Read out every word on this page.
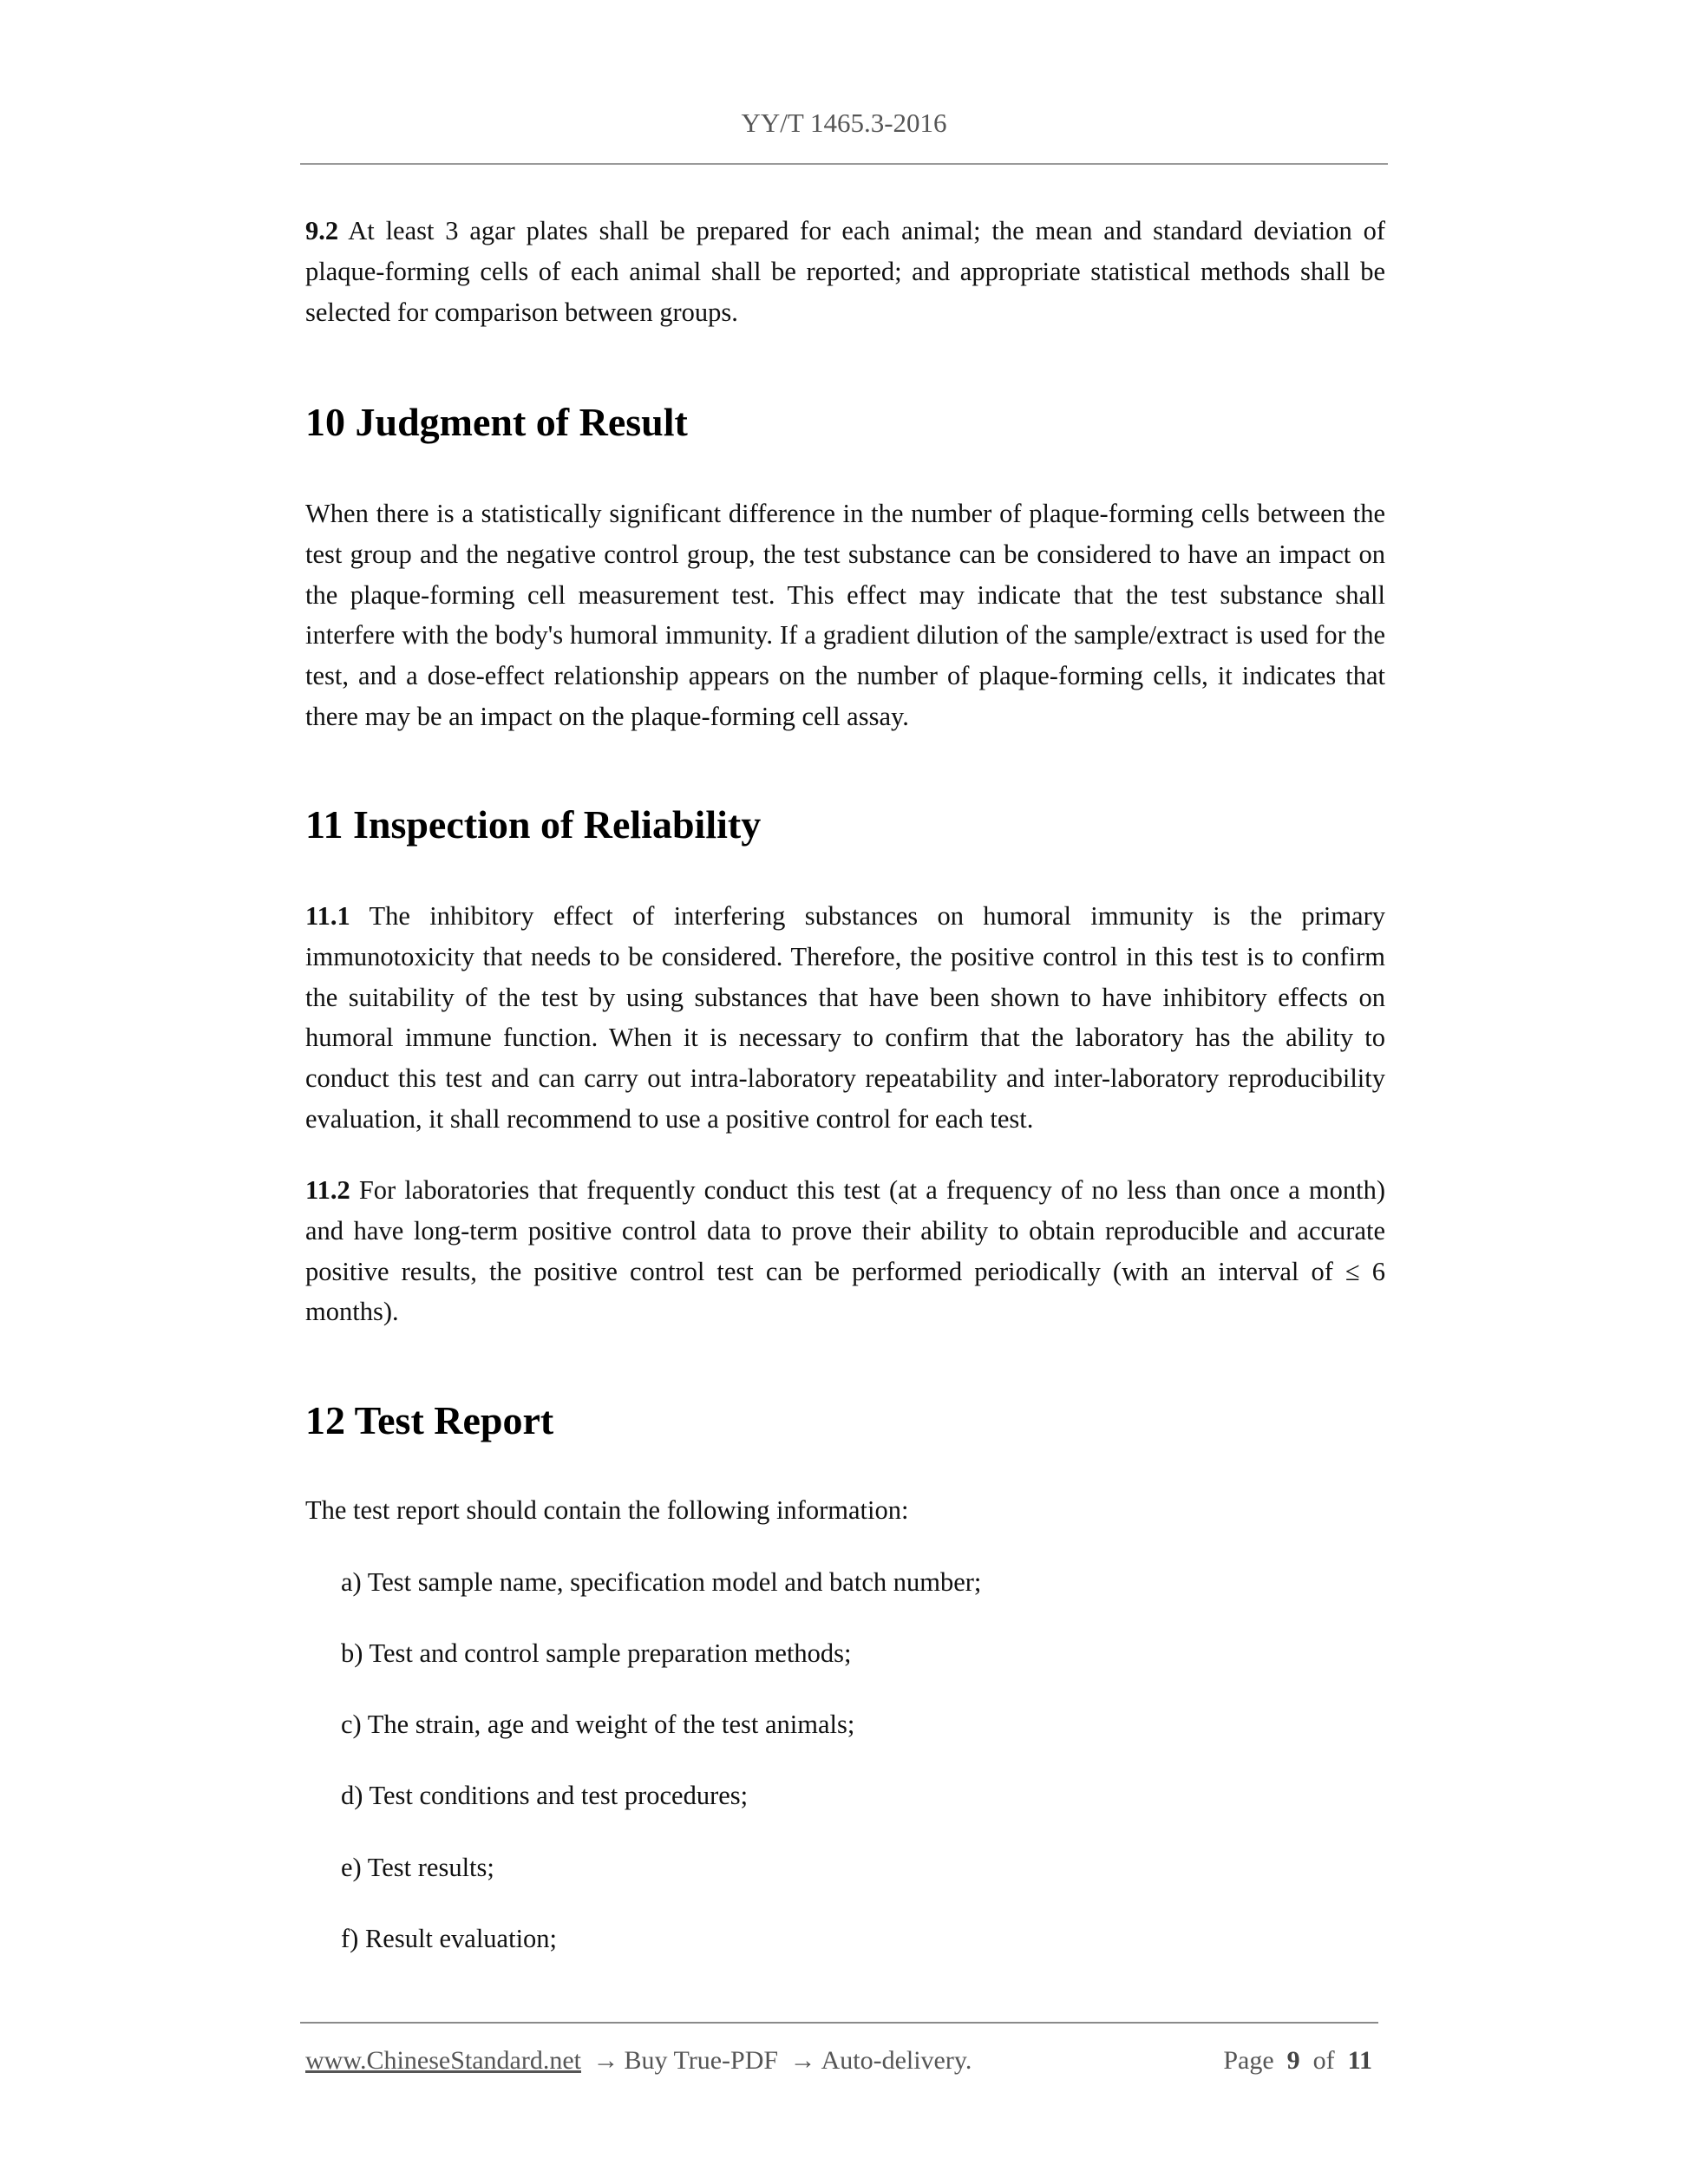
YY/T 1465.3-2016

9.2 At least 3 agar plates shall be prepared for each animal; the mean and standard deviation of plaque-forming cells of each animal shall be reported; and appropriate statistical methods shall be selected for comparison between groups.

10 Judgment of Result

When there is a statistically significant difference in the number of plaque-forming cells between the test group and the negative control group, the test substance can be considered to have an impact on the plaque-forming cell measurement test. This effect may indicate that the test substance shall interfere with the body's humoral immunity. If a gradient dilution of the sample/extract is used for the test, and a dose-effect relationship appears on the number of plaque-forming cells, it indicates that there may be an impact on the plaque-forming cell assay.

11 Inspection of Reliability

11.1 The inhibitory effect of interfering substances on humoral immunity is the primary immunotoxicity that needs to be considered. Therefore, the positive control in this test is to confirm the suitability of the test by using substances that have been shown to have inhibitory effects on humoral immune function. When it is necessary to confirm that the laboratory has the ability to conduct this test and can carry out intra-laboratory repeatability and inter-laboratory reproducibility evaluation, it shall recommend to use a positive control for each test.

11.2 For laboratories that frequently conduct this test (at a frequency of no less than once a month) and have long-term positive control data to prove their ability to obtain reproducible and accurate positive results, the positive control test can be performed periodically (with an interval of ≤ 6 months).

12 Test Report

The test report should contain the following information:

a) Test sample name, specification model and batch number;
b) Test and control sample preparation methods;
c) The strain, age and weight of the test animals;
d) Test conditions and test procedures;
e) Test results;
f) Result evaluation;
www.ChineseStandard.net → Buy True-PDF → Auto-delivery.	Page 9 of 11
